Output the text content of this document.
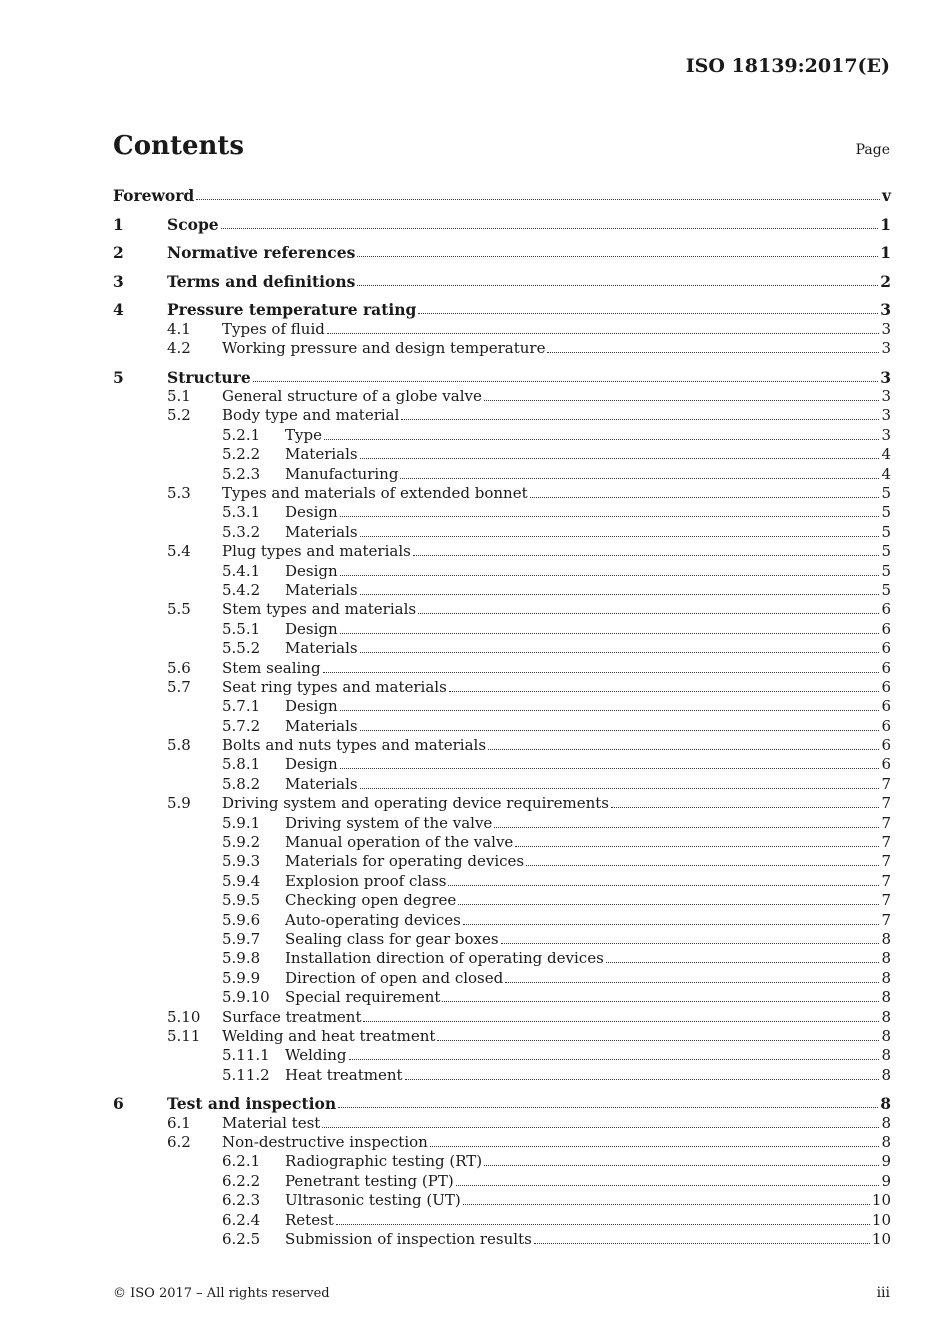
ISO 18139:2017(E)
Contents	Page
Foreword	v
1	Scope	1
2	Normative references	1
3	Terms and definitions	2
4	Pressure temperature rating	3
4.1 Types of fluid	3
4.2 Working pressure and design temperature	3
5	Structure	3
5.1 General structure of a globe valve	3
5.2 Body type and material	3
5.2.1 Type	3
5.2.2 Materials	4
5.2.3 Manufacturing	4
5.3 Types and materials of extended bonnet	5
5.3.1 Design	5
5.3.2 Materials	5
5.4 Plug types and materials	5
5.4.1 Design	5
5.4.2 Materials	5
5.5 Stem types and materials	6
5.5.1 Design	6
5.5.2 Materials	6
5.6 Stem sealing	6
5.7 Seat ring types and materials	6
5.7.1 Design	6
5.7.2 Materials	6
5.8 Bolts and nuts types and materials	6
5.8.1 Design	6
5.8.2 Materials	7
5.9 Driving system and operating device requirements	7
5.9.1 Driving system of the valve	7
5.9.2 Manual operation of the valve	7
5.9.3 Materials for operating devices	7
5.9.4 Explosion proof class	7
5.9.5 Checking open degree	7
5.9.6 Auto-operating devices	7
5.9.7 Sealing class for gear boxes	8
5.9.8 Installation direction of operating devices	8
5.9.9 Direction of open and closed	8
5.9.10 Special requirement	8
5.10 Surface treatment	8
5.11 Welding and heat treatment	8
5.11.1 Welding	8
5.11.2 Heat treatment	8
6	Test and inspection	8
6.1 Material test	8
6.2 Non-destructive inspection	8
6.2.1 Radiographic testing (RT)	9
6.2.2 Penetrant testing (PT)	9
6.2.3 Ultrasonic testing (UT)	10
6.2.4 Retest	10
6.2.5 Submission of inspection results	10
© ISO 2017 – All rights reserved	iii
